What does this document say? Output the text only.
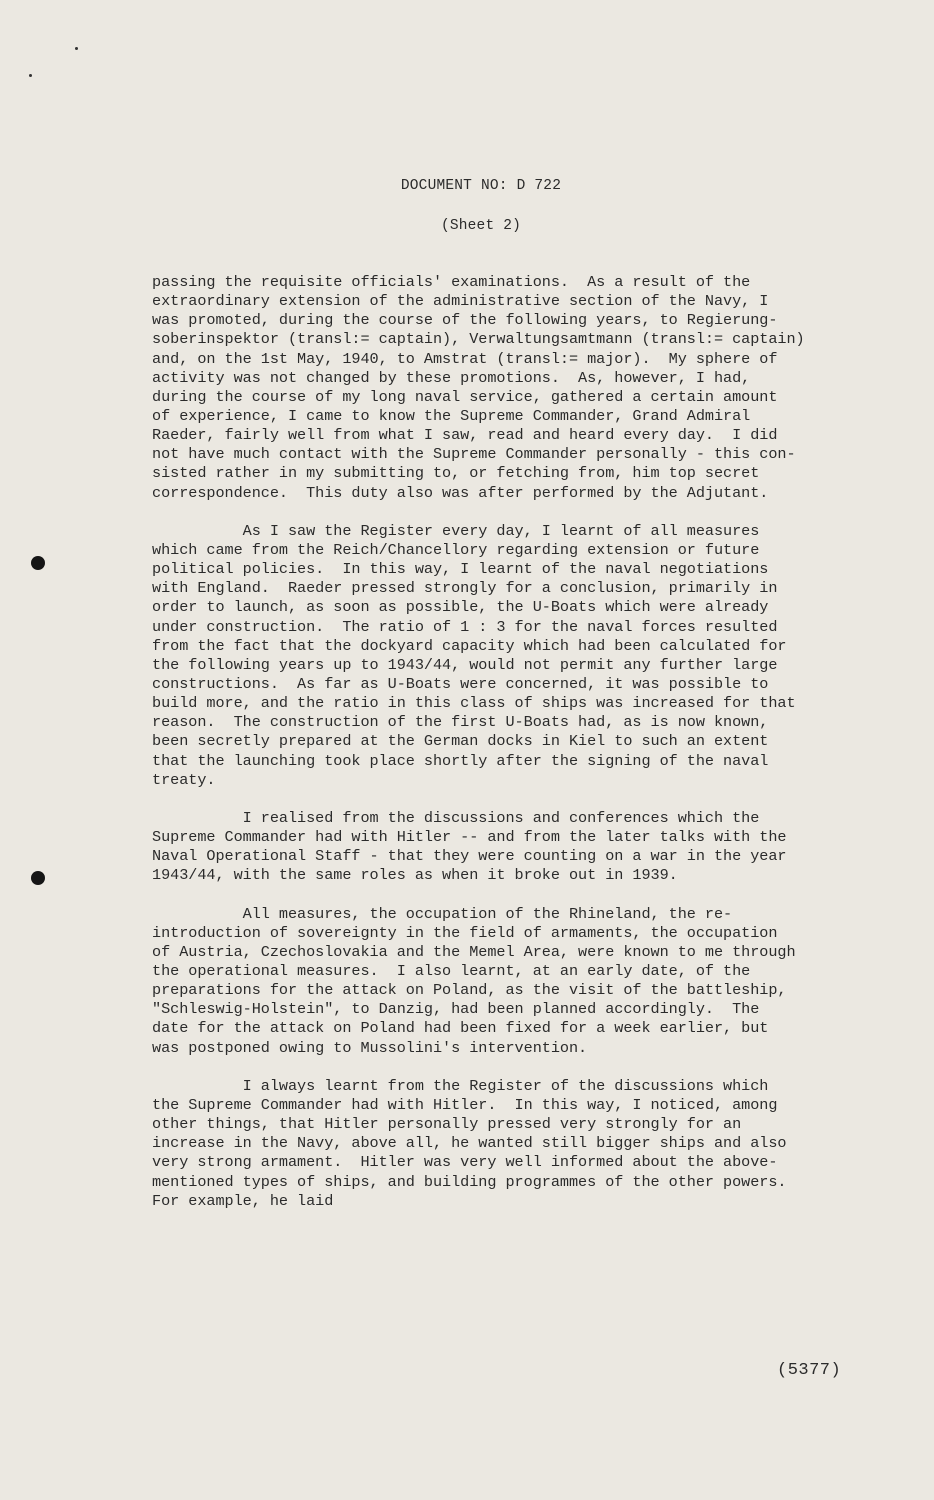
DOCUMENT NO: D 722
(Sheet 2)
passing the requisite officials' examinations.  As a result of the
extraordinary extension of the administrative section of the Navy, I
was promoted, during the course of the following years, to Regierung-
soberinspektor (transl:= captain), Verwaltungsamtmann (transl:= captain)
and, on the 1st May, 1940, to Amstrat (transl:= major).  My sphere of
activity was not changed by these promotions.  As, however, I had,
during the course of my long naval service, gathered a certain amount
of experience, I came to know the Supreme Commander, Grand Admiral
Raeder, fairly well from what I saw, read and heard every day.  I did
not have much contact with the Supreme Commander personally - this con-
sisted rather in my submitting to, or fetching from, him top secret
correspondence.  This duty also was after performed by the Adjutant.
As I saw the Register every day, I learnt of all measures
which came from the Reich/Chancellory regarding extension or future
political policies.  In this way, I learnt of the naval negotiations
with England.  Raeder pressed strongly for a conclusion, primarily in
order to launch, as soon as possible, the U-Boats which were already
under construction.  The ratio of 1 : 3 for the naval forces resulted
from the fact that the dockyard capacity which had been calculated for
the following years up to 1943/44, would not permit any further large
constructions.  As far as U-Boats were concerned, it was possible to
build more, and the ratio in this class of ships was increased for that
reason.  The construction of the first U-Boats had, as is now known,
been secretly prepared at the German docks in Kiel to such an extent
that the launching took place shortly after the signing of the naval
treaty.
I realised from the discussions and conferences which the
Supreme Commander had with Hitler -- and from the later talks with the
Naval Operational Staff - that they were counting on a war in the year
1943/44, with the same roles as when it broke out in 1939.
All measures, the occupation of the Rhineland, the re-
introduction of sovereignty in the field of armaments, the occupation
of Austria, Czechoslovakia and the Memel Area, were known to me through
the operational measures.  I also learnt, at an early date, of the
preparations for the attack on Poland, as the visit of the battleship,
"Schleswig-Holstein", to Danzig, had been planned accordingly.  The
date for the attack on Poland had been fixed for a week earlier, but
was postponed owing to Mussolini's intervention.
I always learnt from the Register of the discussions which
the Supreme Commander had with Hitler.  In this way, I noticed, among
other things, that Hitler personally pressed very strongly for an
increase in the Navy, above all, he wanted still bigger ships and also
very strong armament.  Hitler was very well informed about the above-
mentioned types of ships, and building programmes of the other powers.
For example, he laid
(5377)
